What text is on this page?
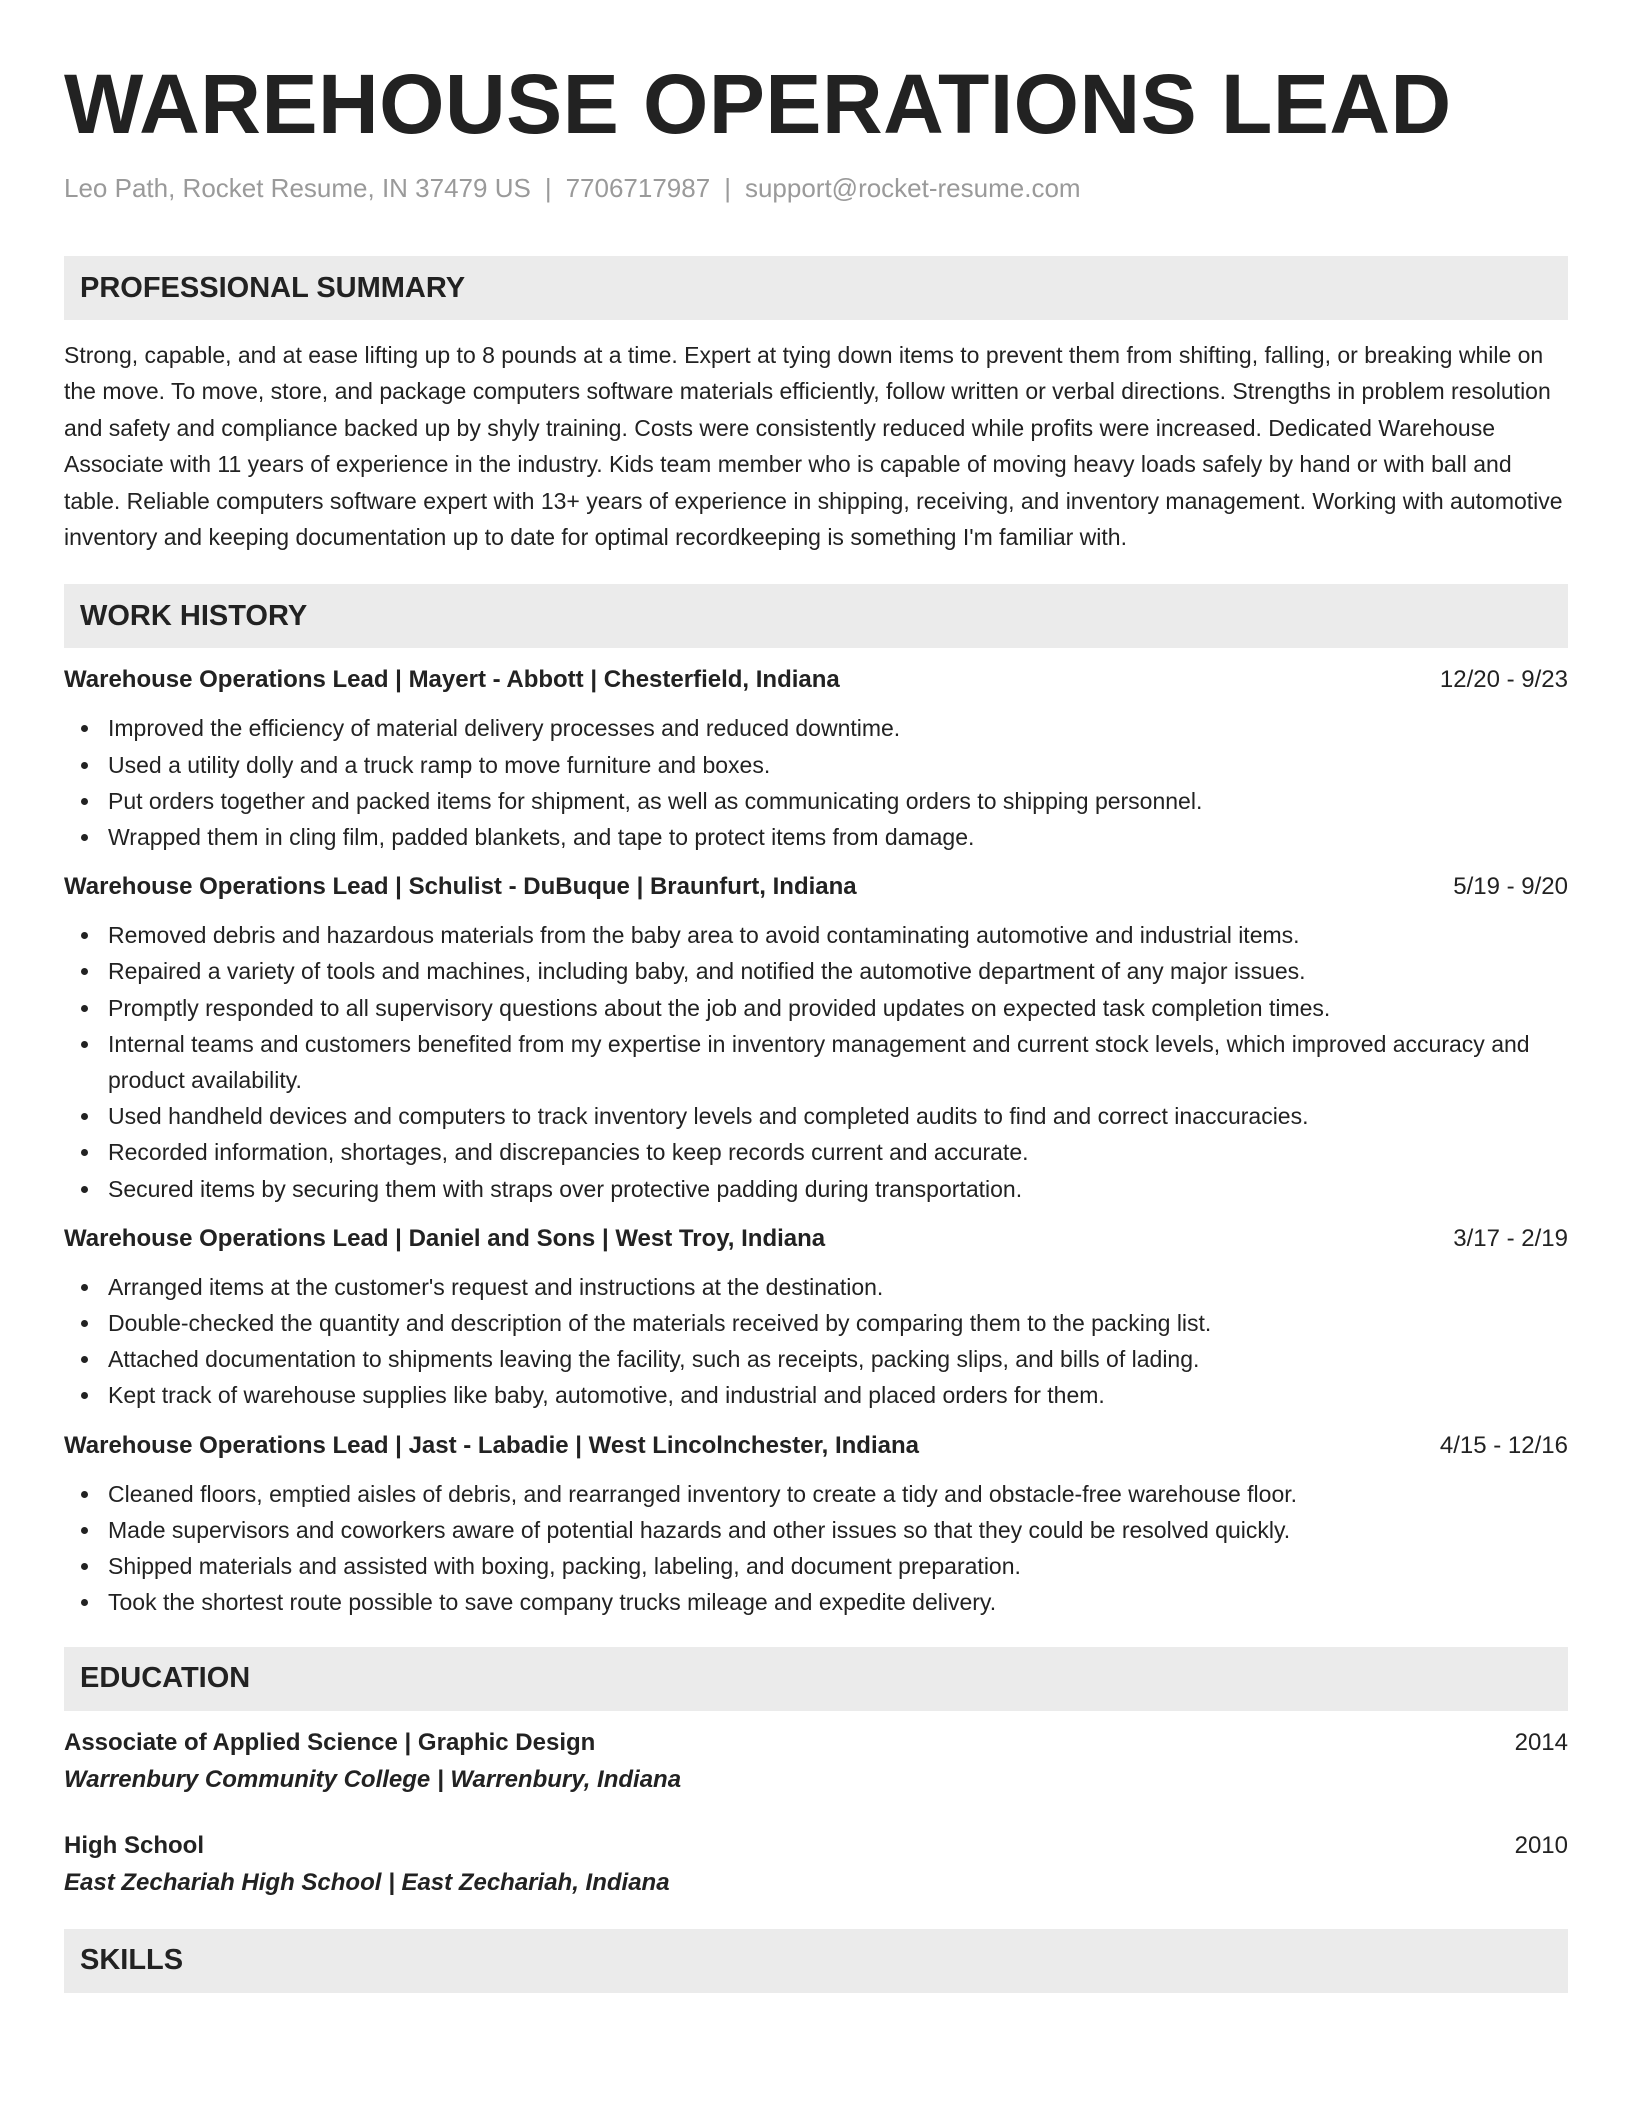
WAREHOUSE OPERATIONS LEAD
Leo Path, Rocket Resume, IN 37479 US | 7706717987 | support@rocket-resume.com
PROFESSIONAL SUMMARY
Strong, capable, and at ease lifting up to 8 pounds at a time. Expert at tying down items to prevent them from shifting, falling, or breaking while on the move. To move, store, and package computers software materials efficiently, follow written or verbal directions. Strengths in problem resolution and safety and compliance backed up by shyly training. Costs were consistently reduced while profits were increased. Dedicated Warehouse Associate with 11 years of experience in the industry. Kids team member who is capable of moving heavy loads safely by hand or with ball and table. Reliable computers software expert with 13+ years of experience in shipping, receiving, and inventory management. Working with automotive inventory and keeping documentation up to date for optimal recordkeeping is something I'm familiar with.
WORK HISTORY
Warehouse Operations Lead | Mayert - Abbott | Chesterfield, Indiana	12/20 - 9/23
Improved the efficiency of material delivery processes and reduced downtime.
Used a utility dolly and a truck ramp to move furniture and boxes.
Put orders together and packed items for shipment, as well as communicating orders to shipping personnel.
Wrapped them in cling film, padded blankets, and tape to protect items from damage.
Warehouse Operations Lead | Schulist - DuBuque | Braunfurt, Indiana	5/19 - 9/20
Removed debris and hazardous materials from the baby area to avoid contaminating automotive and industrial items.
Repaired a variety of tools and machines, including baby, and notified the automotive department of any major issues.
Promptly responded to all supervisory questions about the job and provided updates on expected task completion times.
Internal teams and customers benefited from my expertise in inventory management and current stock levels, which improved accuracy and product availability.
Used handheld devices and computers to track inventory levels and completed audits to find and correct inaccuracies.
Recorded information, shortages, and discrepancies to keep records current and accurate.
Secured items by securing them with straps over protective padding during transportation.
Warehouse Operations Lead | Daniel and Sons | West Troy, Indiana	3/17 - 2/19
Arranged items at the customer's request and instructions at the destination.
Double-checked the quantity and description of the materials received by comparing them to the packing list.
Attached documentation to shipments leaving the facility, such as receipts, packing slips, and bills of lading.
Kept track of warehouse supplies like baby, automotive, and industrial and placed orders for them.
Warehouse Operations Lead | Jast - Labadie | West Lincolnchester, Indiana	4/15 - 12/16
Cleaned floors, emptied aisles of debris, and rearranged inventory to create a tidy and obstacle-free warehouse floor.
Made supervisors and coworkers aware of potential hazards and other issues so that they could be resolved quickly.
Shipped materials and assisted with boxing, packing, labeling, and document preparation.
Took the shortest route possible to save company trucks mileage and expedite delivery.
EDUCATION
Associate of Applied Science | Graphic Design	2014
Warrenbury Community College | Warrenbury, Indiana
High School	2010
East Zechariah High School | East Zechariah, Indiana
SKILLS
